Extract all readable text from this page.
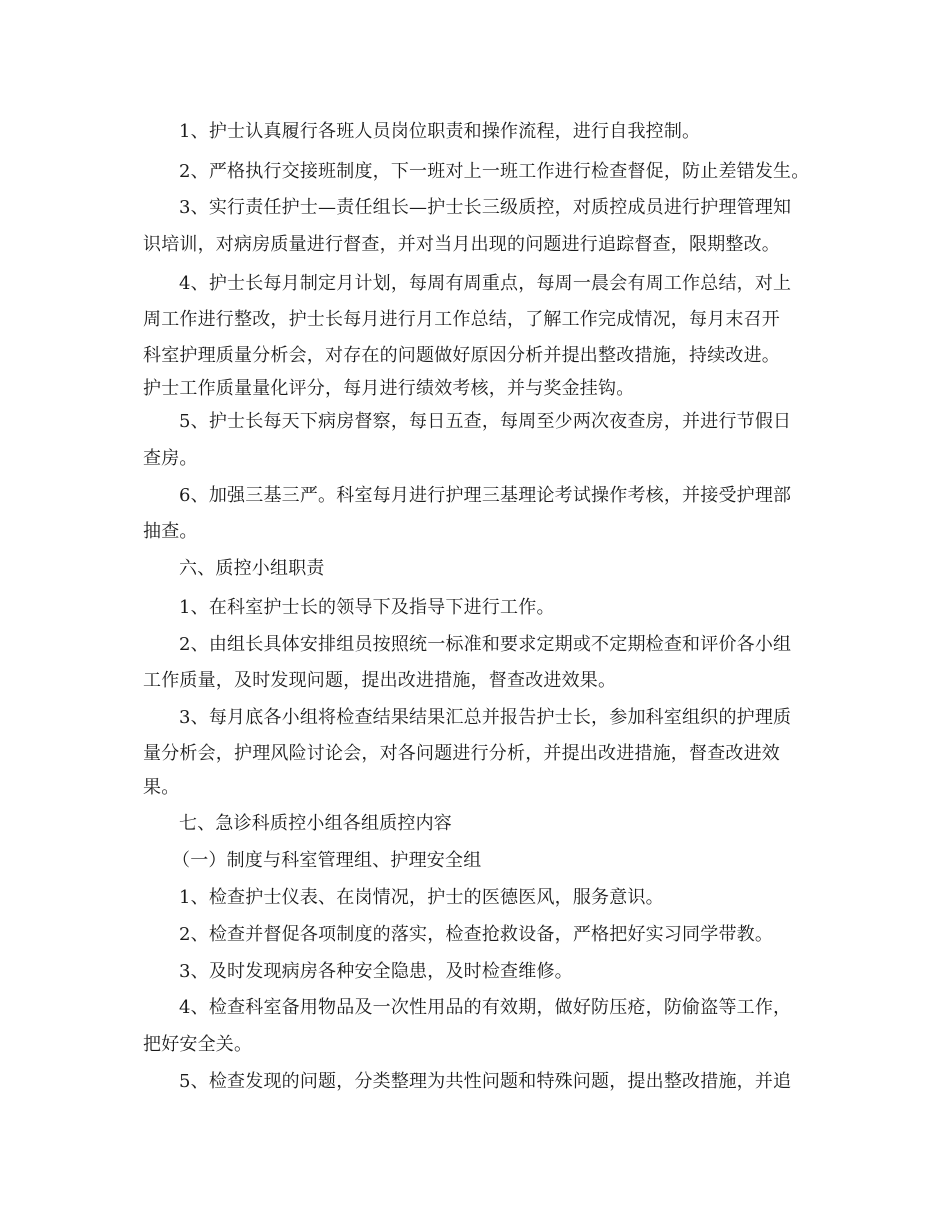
1、护士认真履行各班人员岗位职责和操作流程，进行自我控制。
2、严格执行交接班制度，下一班对上一班工作进行检查督促，防止差错发生。
3、实行责任护士—责任组长—护士长三级质控，对质控成员进行护理管理知
识培训，对病房质量进行督查，并对当月出现的问题进行追踪督查，限期整改。
4、护士长每月制定月计划，每周有周重点，每周一晨会有周工作总结，对上
周工作进行整改，护士长每月进行月工作总结，了解工作完成情况，每月末召开
科室护理质量分析会，对存在的问题做好原因分析并提出整改措施，持续改进。
护士工作质量量化评分，每月进行绩效考核，并与奖金挂钩。
5、护士长每天下病房督察，每日五查，每周至少两次夜查房，并进行节假日
查房。
6、加强三基三严。科室每月进行护理三基理论考试操作考核，并接受护理部
抽查。
六、质控小组职责
1、在科室护士长的领导下及指导下进行工作。
2、由组长具体安排组员按照统一标准和要求定期或不定期检查和评价各小组
工作质量，及时发现问题，提出改进措施，督查改进效果。
3、每月底各小组将检查结果结果汇总并报告护士长，参加科室组织的护理质
量分析会，护理风险讨论会，对各问题进行分析，并提出改进措施，督查改进效
果。
七、急诊科质控小组各组质控内容
（一）制度与科室管理组、护理安全组
1、检查护士仪表、在岗情况，护士的医德医风，服务意识。
2、检查并督促各项制度的落实，检查抢救设备，严格把好实习同学带教。
3、及时发现病房各种安全隐患，及时检查维修。
4、检查科室备用物品及一次性用品的有效期，做好防压疮，防偷盗等工作，
把好安全关。
5、检查发现的问题，分类整理为共性问题和特殊问题，提出整改措施，并追
